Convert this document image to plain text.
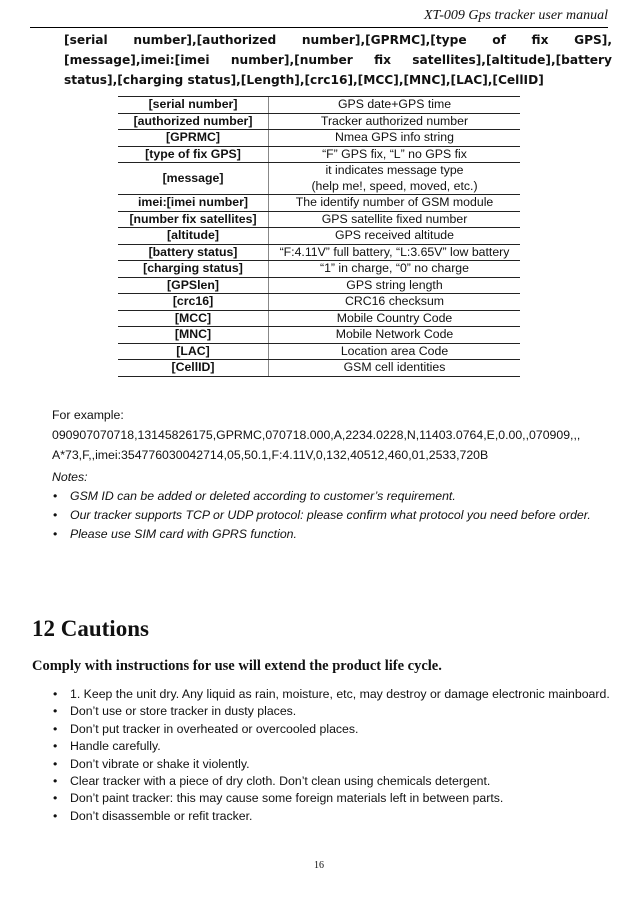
XT-009 Gps tracker user manual

[serial number],[authorized number],[GPRMC],[type of fix GPS],[message],imei:[imei number],[number fix satellites],[altitude],[battery status],[charging status],[Length],[crc16],[MCC],[MNC],[LAC],[CellID]

[serial number]	GPS date+GPS time
[authorized number]	Tracker authorized number
[GPRMC]	Nmea GPS info string
[type of fix GPS]	“F” GPS fix, “L” no GPS fix
[message]	it indicates message type
(help me!, speed, moved, etc.)

imei:[imei number]	The identify number of GSM module
[number fix satellites]	GPS satellite fixed number
[altitude]	GPS received altitude
[battery status]	“F:4.11V” full battery, “L:3.65V” low battery
[charging status]	“1” in charge, “0” no charge
[GPSlen]	GPS string length
[crc16]	CRC16 checksum
[MCC]	Mobile Country Code
[MNC]	Mobile Network Code
[LAC]	Location area Code
[CellID]	GSM cell identities
For example:
090907070718,13145826175,GPRMC,070718.000,A,2234.0228,N,11403.0764,E,0.00,,070909,,,
A*73,F,,imei:354776030042714,05,50.1,F:4.11V,0,132,40512,460,01,2533,720B
Notes:
• GSM ID can be added or deleted according to customer’s requirement.
• Our tracker supports TCP or UDP protocol: please confirm what protocol you need before order.
• Please use SIM card with GPRS function.
12 Cautions
Comply with instructions for use will extend the product life cycle.
• 1. Keep the unit dry. Any liquid as rain, moisture, etc, may destroy or damage electronic mainboard.
• Don’t use or store tracker in dusty places.
• Don’t put tracker in overheated or overcooled places.
• Handle carefully.
• Don’t vibrate or shake it violently.
• Clear tracker with a piece of dry cloth. Don’t clean using chemicals detergent.
• Don’t paint tracker: this may cause some foreign materials left in between parts.
• Don’t disassemble or refit tracker.
16
